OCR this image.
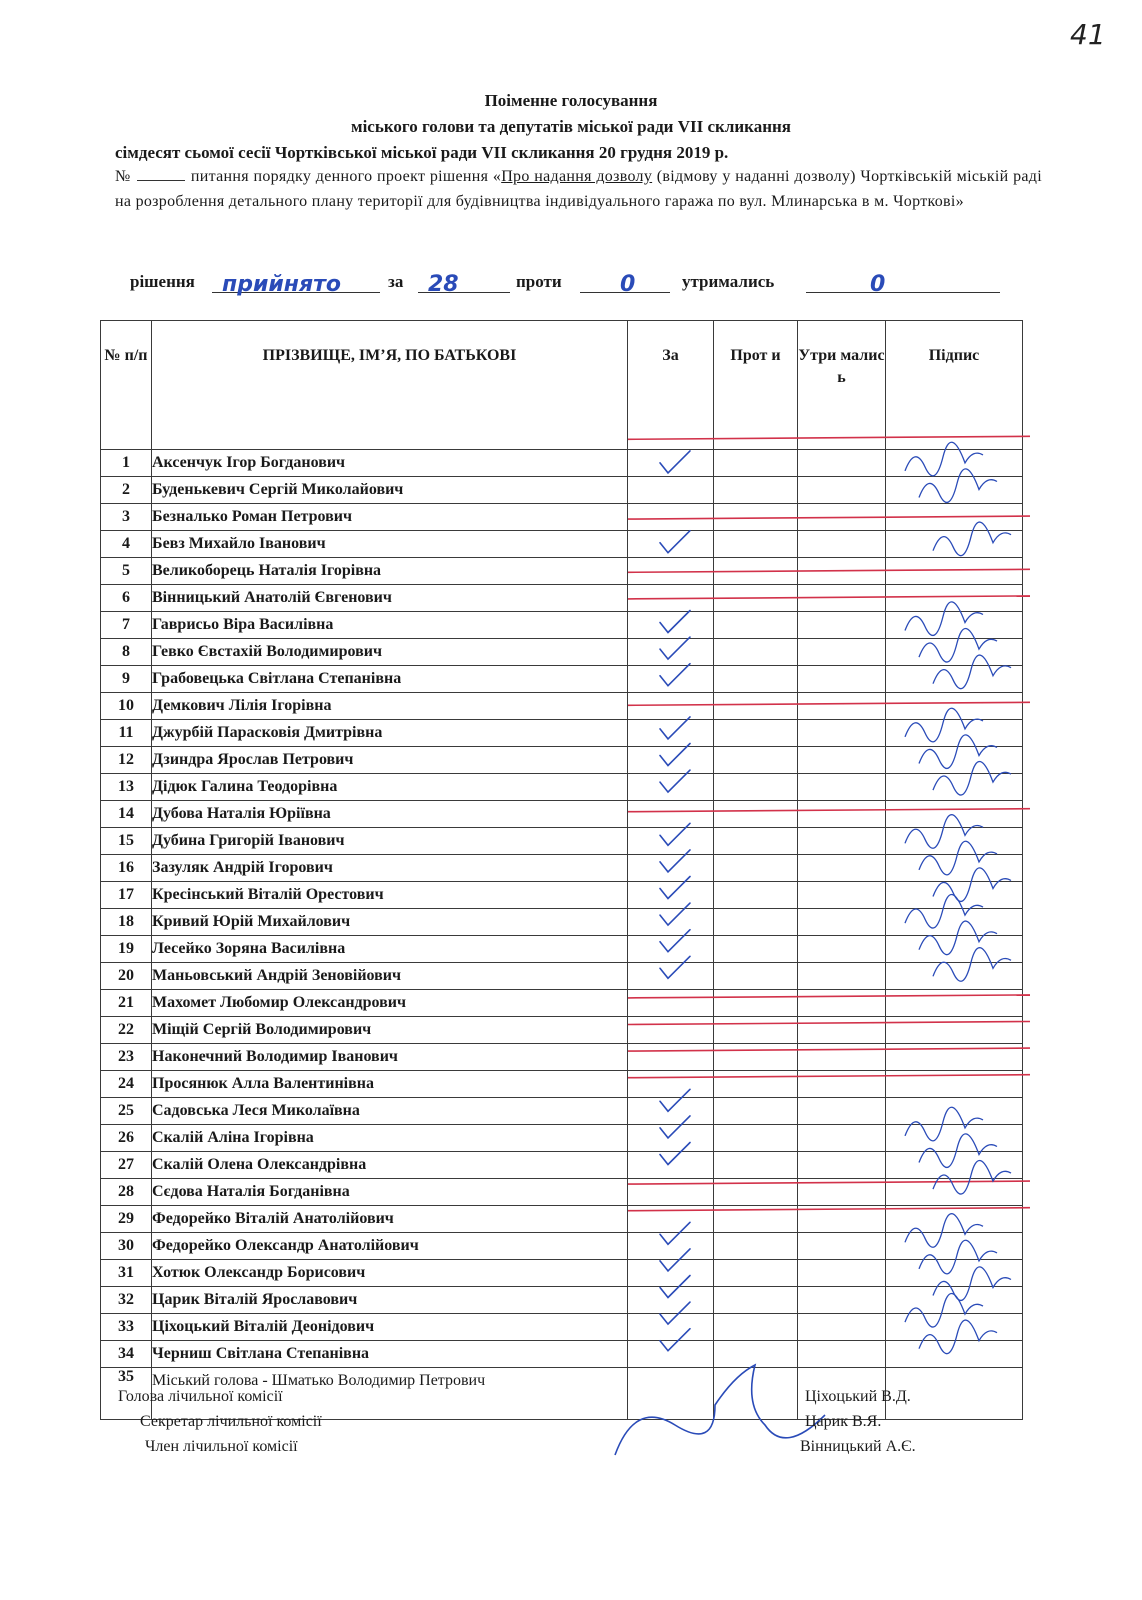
41
Поіменне голосування
міського голови та депутатів міської ради VII скликання
сімдесят сьомої сесії Чортківської міської ради VII скликання 20 грудня 2019 р.
№	питання порядку денного проект рішення «Про надання дозволу (відмову у наданні дозволу) Чортківській міській раді на розроблення детального плану території для будівництва індивідуального гаража по вул. Млинарська в м. Чорткові»
рішення прийнято	за 28	проти	0	утримались	0
№ п/п	ПРІЗВИЩЕ, ІМ’Я, ПО БАТЬКОВІ	За	Прот и	Утри малис ь	Підпис
1	Аксенчук Ігор Богданович				
2	Буденькевич Сергій Миколайович				
3	Безналько Роман Петрович				
4	Бевз Михайло Іванович				
5	Великоборець Наталія Ігорівна				
6	Вінницький Анатолій Євгенович				
7	Гаврисьо Віра Василівна				
8	Гевко Євстахій Володимирович				
9	Грабовецька Світлана Степанівна				
10	Демкович Лілія Ігорівна				
11	Джурбій Парасковія Дмитрівна				
12	Дзиндра Ярослав Петрович				
13	Дідюк Галина Теодорівна				
14	Дубова Наталія Юріївна				
15	Дубина Григорій Іванович				
16	Зазуляк Андрій Ігорович				
17	Кресінський Віталій Орестович				
18	Кривий Юрій Михайлович				
19	Лесейко Зоряна Василівна				
20	Маньовський Андрій Зеновійович				
21	Махомет Любомир Олександрович				
22	Міщій Сергій Володимирович				
23	Наконечний Володимир Іванович				
24	Просянюк Алла Валентинівна				
25	Садовська Леся Миколаївна				
26	Скалій Аліна Ігорівна				
27	Скалій Олена Олександрівна				
28	Сєдова Наталія Богданівна				
29	Федорейко Віталій Анатолійович				
30	Федорейко Олександр Анатолійович				
31	Хотюк Олександр Борисович				
32	Царик Віталій Ярославович				
33	Ціхоцький Віталій Деонідович				
34	Черниш Світлана Степанівна				
35	Міський голова - Шматько Володимир Петрович				
Голова лічильної комісії
Секретар лічильної комісії
Член лічильної комісії
Ціхоцький В.Д.
Царик В.Я.
Вінницький А.Є.
